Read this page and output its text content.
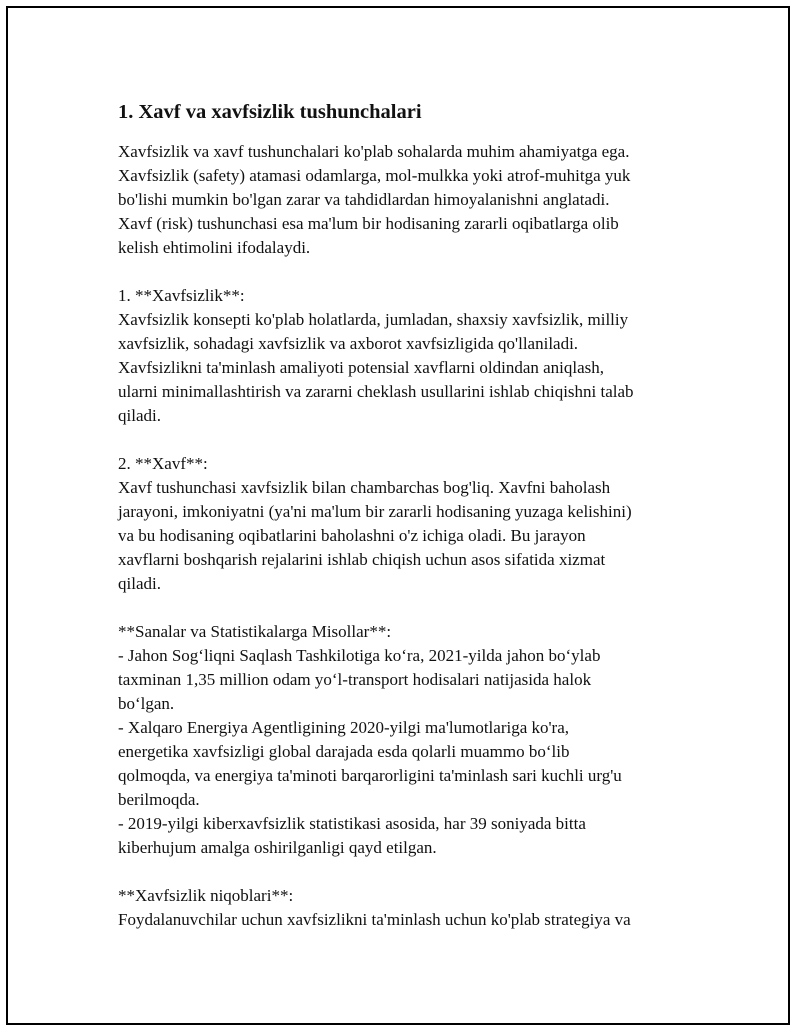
1. Xavf va xavfsizlik tushunchalari

Xavfsizlik va xavf tushunchalari ko'plab sohalarda muhim ahamiyatga ega.
Xavfsizlik (safety) atamasi odamlarga, mol-mulkka yoki atrof-muhitga yuk
bo'lishi mumkin bo'lgan zarar va tahdidlardan himoyalanishni anglatadi.
Xavf (risk) tushunchasi esa ma'lum bir hodisaning zararli oqibatlarga olib
kelish ehtimolini ifodalaydi.

1. **Xavfsizlik**:
Xavfsizlik konsepti ko'plab holatlarda, jumladan, shaxsiy xavfsizlik, milliy
xavfsizlik, sohadagi xavfsizlik va axborot xavfsizligida qo'llaniladi.
Xavfsizlikni ta'minlash amaliyoti potensial xavflarni oldindan aniqlash,
ularni minimallashtirish va zararni cheklash usullarini ishlab chiqishni talab
qiladi.

2. **Xavf**:
Xavf tushunchasi xavfsizlik bilan chambarchas bog'liq. Xavfni baholash
jarayoni, imkoniyatni (ya'ni ma'lum bir zararli hodisaning yuzaga kelishini)
va bu hodisaning oqibatlarini baholashni o'z ichiga oladi. Bu jarayon
xavflarni boshqarish rejalarini ishlab chiqish uchun asos sifatida xizmat
qiladi.

**Sanalar va Statistikalarga Misollar**:
- Jahon Sog‘liqni Saqlash Tashkilotiga ko‘ra, 2021-yilda jahon bo‘ylab
taxminan 1,35 million odam yo‘l-transport hodisalari natijasida halok
bo‘lgan.
- Xalqaro Energiya Agentligining 2020-yilgi ma'lumotlariga ko'ra,
energetika xavfsizligi global darajada esda qolarli muammo bo‘lib
qolmoqda, va energiya ta'minoti barqarorligini ta'minlash sari kuchli urg'u
berilmoqda.
- 2019-yilgi kiberxavfsizlik statistikasi asosida, har 39 soniyada bitta
kiberhujum amalga oshirilganligi qayd etilgan.

**Xavfsizlik niqoblari**:
Foydalanuvchilar uchun xavfsizlikni ta'minlash uchun ko'plab strategiya va
